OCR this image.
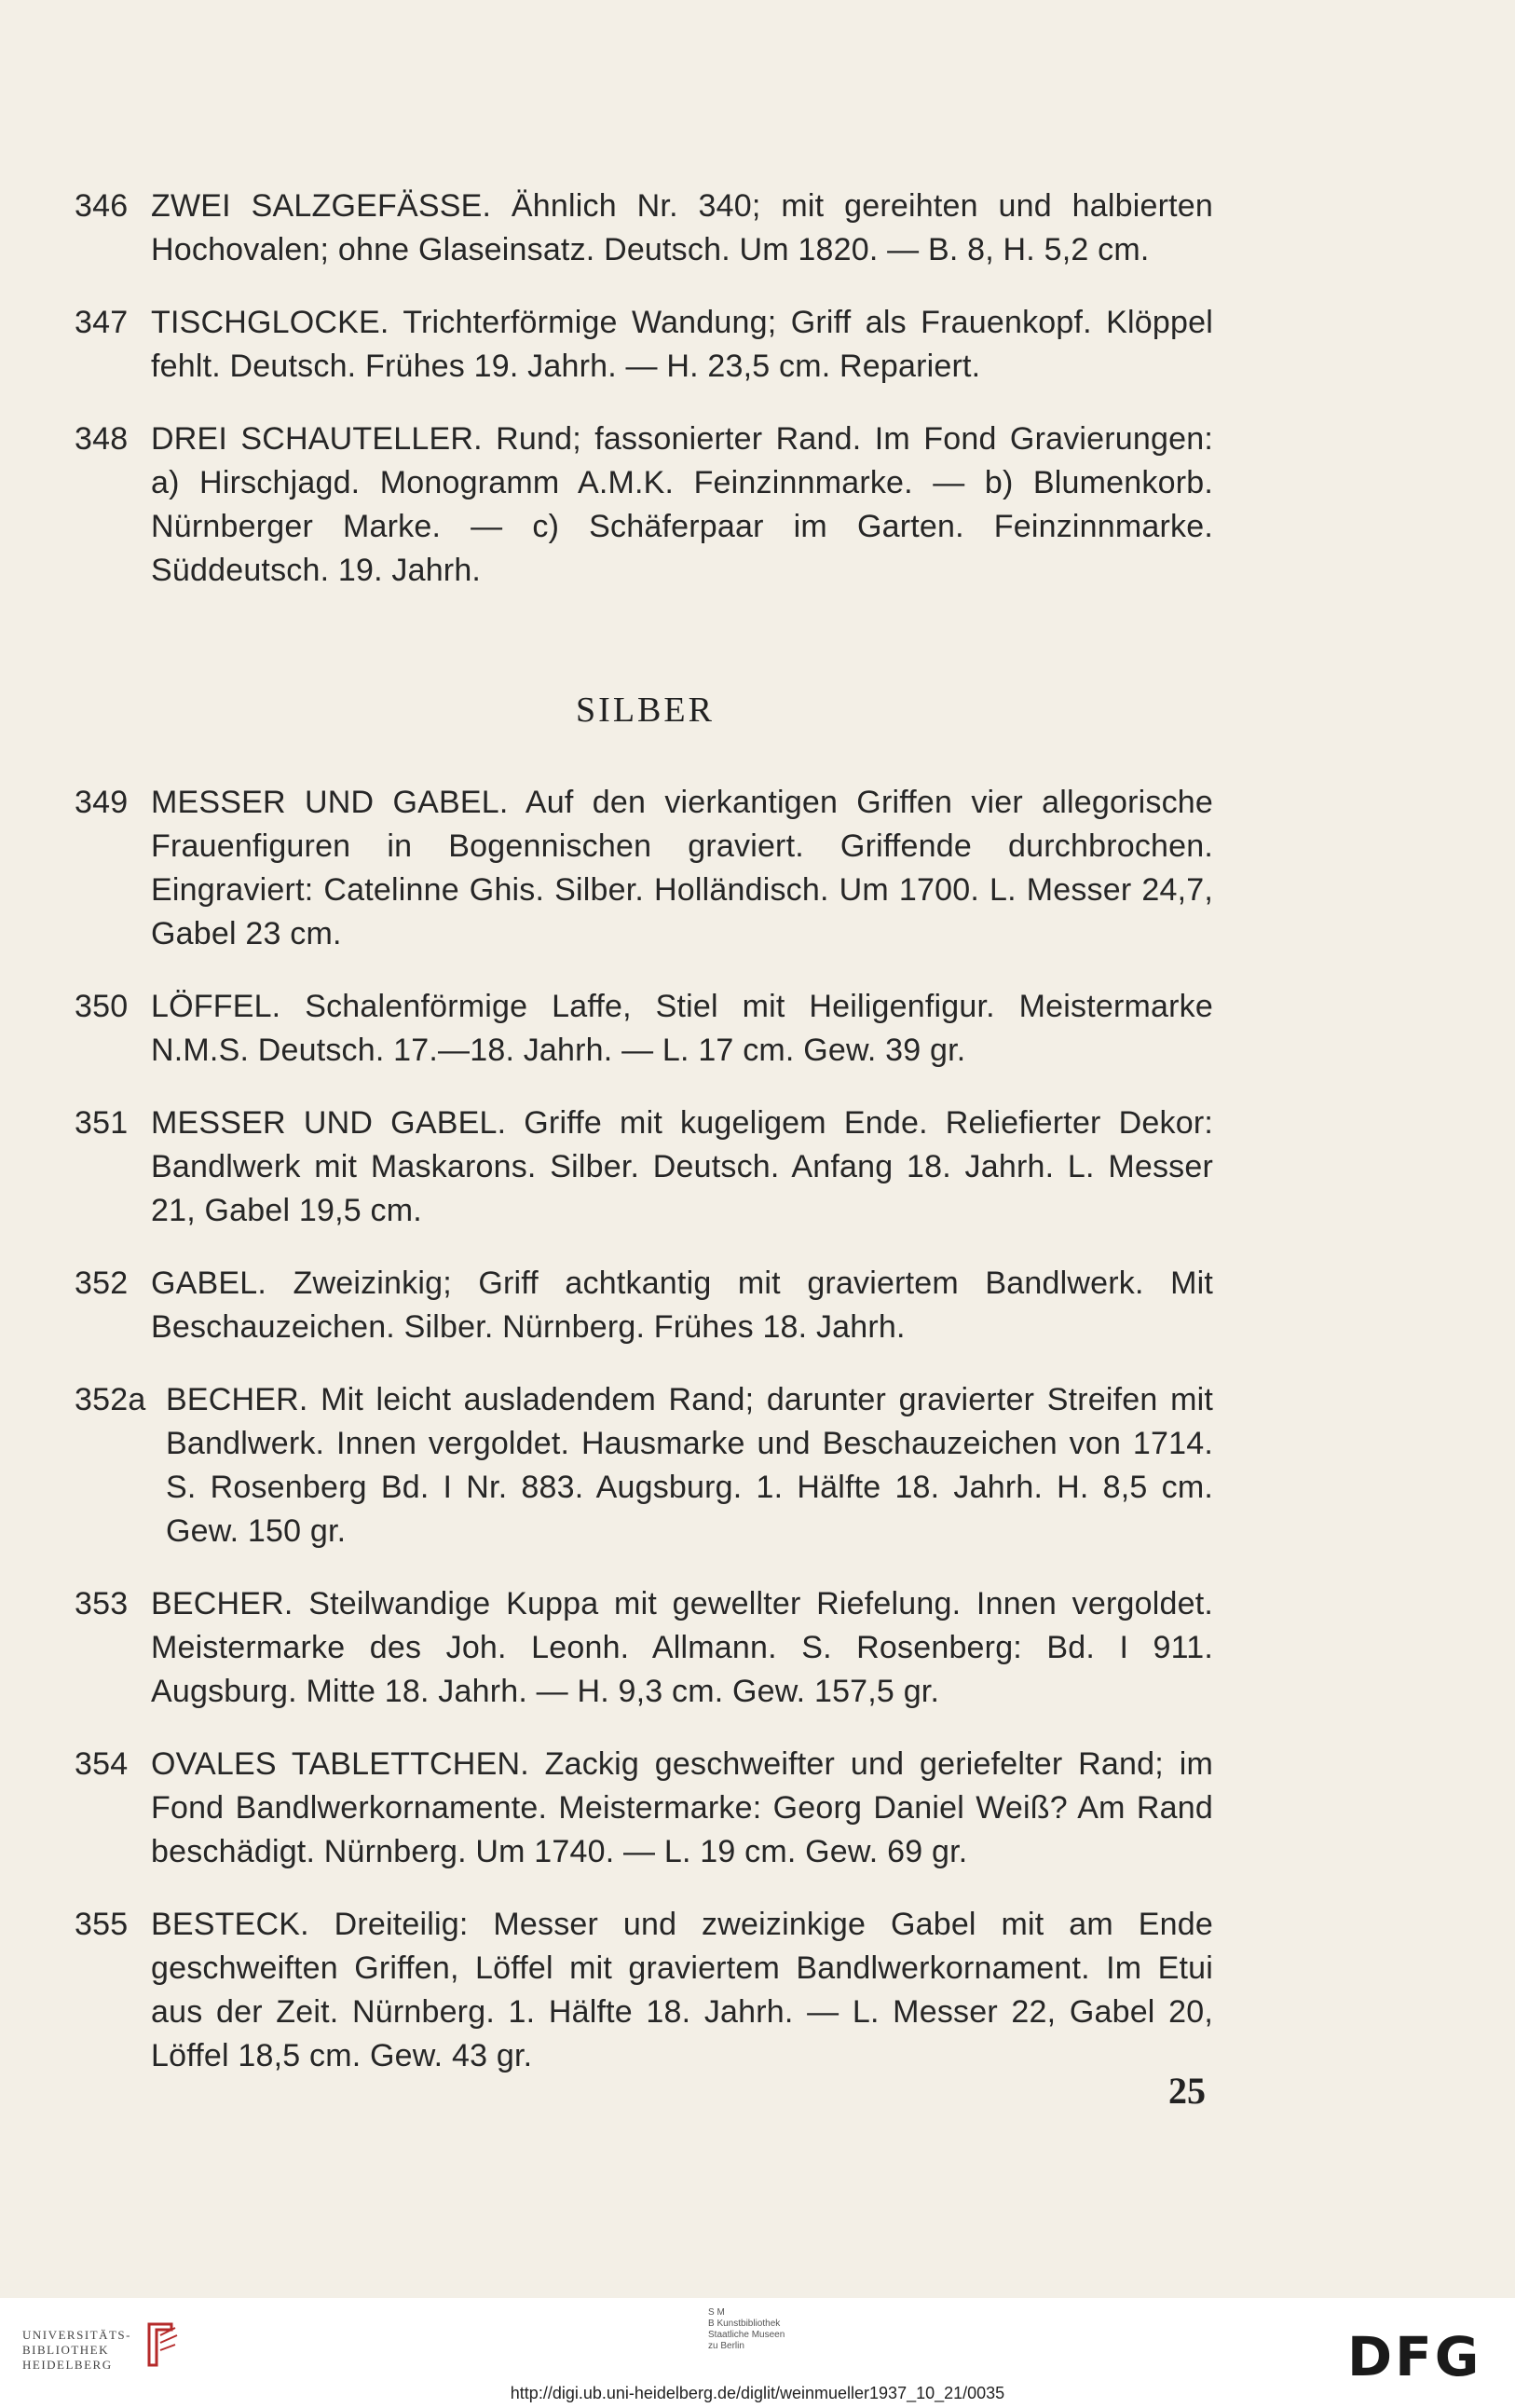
346 ZWEI SALZGEFÄSSE. Ähnlich Nr. 340; mit gereihten und halbierten Hochovalen; ohne Glaseinsatz. Deutsch. Um 1820. — B. 8, H. 5,2 cm.
347 TISCHGLOCKE. Trichterförmige Wandung; Griff als Frauenkopf. Klöppel fehlt. Deutsch. Frühes 19. Jahrh. — H. 23,5 cm. Repariert.
348 DREI SCHAUTELLER. Rund; fassonierter Rand. Im Fond Gravierungen: a) Hirschjagd. Monogramm A.M.K. Feinzinnmarke. — b) Blumenkorb. Nürnberger Marke. — c) Schäferpaar im Garten. Feinzinnmarke. Süddeutsch. 19. Jahrh.
SILBER
349 MESSER UND GABEL. Auf den vierkantigen Griffen vier allegorische Frauenfiguren in Bogennischen graviert. Griffende durchbrochen. Eingraviert: Catelinne Ghis. Silber. Holländisch. Um 1700. L. Messer 24,7, Gabel 23 cm.
350 LÖFFEL. Schalenförmige Laffe, Stiel mit Heiligenfigur. Meistermarke N.M.S. Deutsch. 17.—18. Jahrh. — L. 17 cm. Gew. 39 gr.
351 MESSER UND GABEL. Griffe mit kugeligem Ende. Reliefierter Dekor: Bandlwerk mit Maskarons. Silber. Deutsch. Anfang 18. Jahrh. L. Messer 21, Gabel 19,5 cm.
352 GABEL. Zweizinkig; Griff achtkantig mit graviertem Bandlwerk. Mit Beschauzeichen. Silber. Nürnberg. Frühes 18. Jahrh.
352a BECHER. Mit leicht ausladendem Rand; darunter gravierter Streifen mit Bandlwerk. Innen vergoldet. Hausmarke und Beschauzeichen von 1714. S. Rosenberg Bd. I Nr. 883. Augsburg. 1. Hälfte 18. Jahrh. H. 8,5 cm. Gew. 150 gr.
353 BECHER. Steilwandige Kuppa mit gewellter Riefelung. Innen vergoldet. Meistermarke des Joh. Leonh. Allmann. S. Rosenberg: Bd. I 911. Augsburg. Mitte 18. Jahrh. — H. 9,3 cm. Gew. 157,5 gr.
354 OVALES TABLETTCHEN. Zackig geschweifter und geriefelter Rand; im Fond Bandlwerkornamente. Meistermarke: Georg Daniel Weiß? Am Rand beschädigt. Nürnberg. Um 1740. — L. 19 cm. Gew. 69 gr.
355 BESTECK. Dreiteilig: Messer und zweizinkige Gabel mit am Ende geschweiften Griffen, Löffel mit graviertem Bandlwerkornament. Im Etui aus der Zeit. Nürnberg. 1. Hälfte 18. Jahrh. — L. Messer 22, Gabel 20, Löffel 18,5 cm. Gew. 43 gr.
25
UNIVERSITÄTS-
BIBLIOTHEK
HEIDELBERG
S M
B Kunstbibliothek
Staatliche Museen
zu Berlin	DFG
http://digi.ub.uni-heidelberg.de/diglit/weinmueller1937_10_21/0035
